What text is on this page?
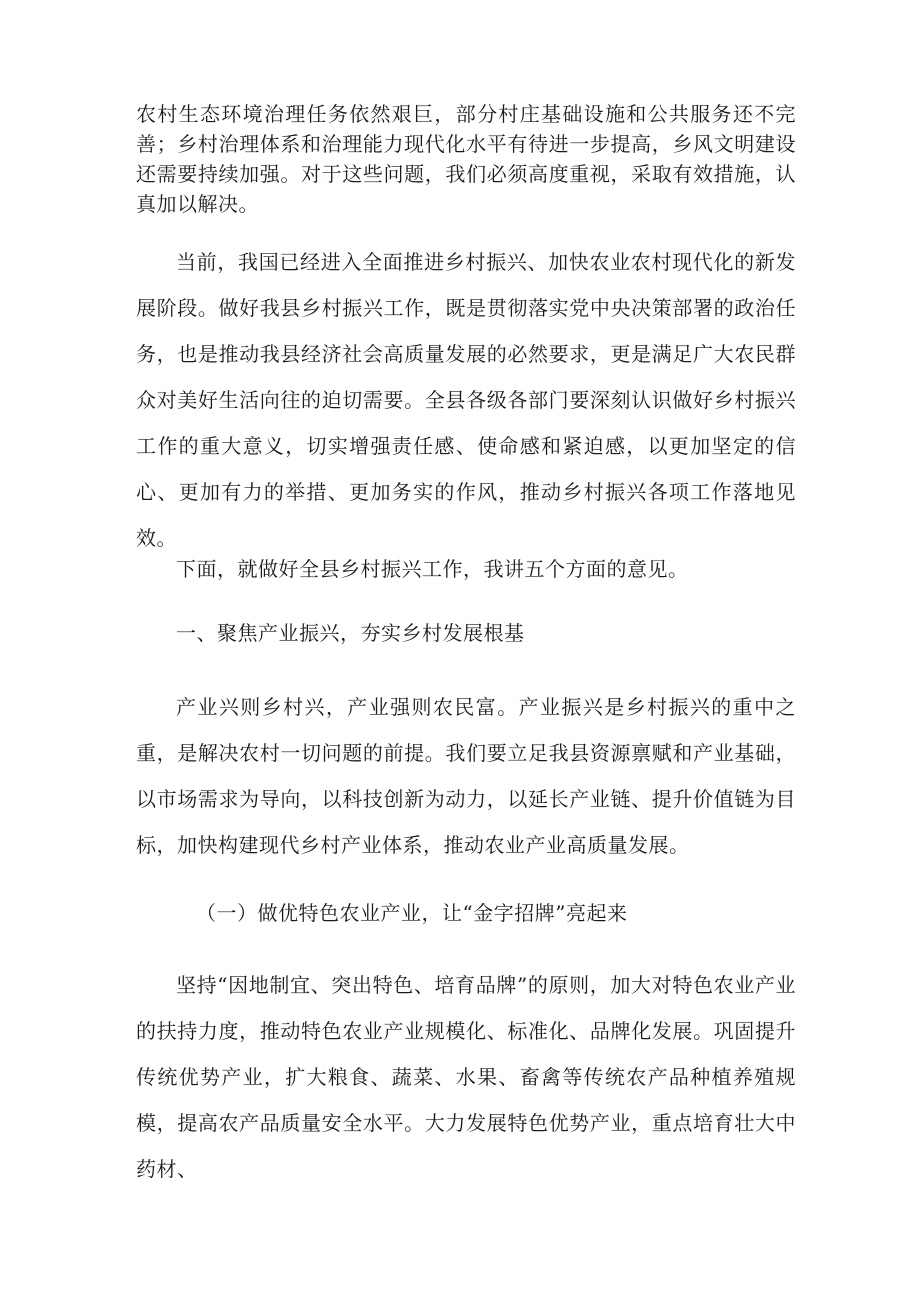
农村生态环境治理任务依然艰巨，部分村庄基础设施和公共服务还不完善；乡村治理体系和治理能力现代化水平有待进一步提高，乡风文明建设还需要持续加强。对于这些问题，我们必须高度重视，采取有效措施，认真加以解决。

当前，我国已经进入全面推进乡村振兴、加快农业农村现代化的新发展阶段。做好我县乡村振兴工作，既是贯彻落实党中央决策部署的政治任务，也是推动我县经济社会高质量发展的必然要求，更是满足广大农民群众对美好生活向往的迫切需要。全县各级各部门要深刻认识做好乡村振兴工作的重大意义，切实增强责任感、使命感和紧迫感，以更加坚定的信心、更加有力的举措、更加务实的作风，推动乡村振兴各项工作落地见效。

下面，就做好全县乡村振兴工作，我讲五个方面的意见。

一、聚焦产业振兴，夯实乡村发展根基

产业兴则乡村兴，产业强则农民富。产业振兴是乡村振兴的重中之重，是解决农村一切问题的前提。我们要立足我县资源禀赋和产业基础，以市场需求为导向，以科技创新为动力，以延长产业链、提升价值链为目标，加快构建现代乡村产业体系，推动农业产业高质量发展。

（一）做优特色农业产业，让“金字招牌”亮起来

坚持“因地制宜、突出特色、培育品牌”的原则，加大对特色农业产业的扶持力度，推动特色农业产业规模化、标准化、品牌化发展。巩固提升传统优势产业，扩大粮食、蔬菜、水果、畜禽等传统农产品种植养殖规模，提高农产品质量安全水平。大力发展特色优势产业，重点培育壮大中药材、
